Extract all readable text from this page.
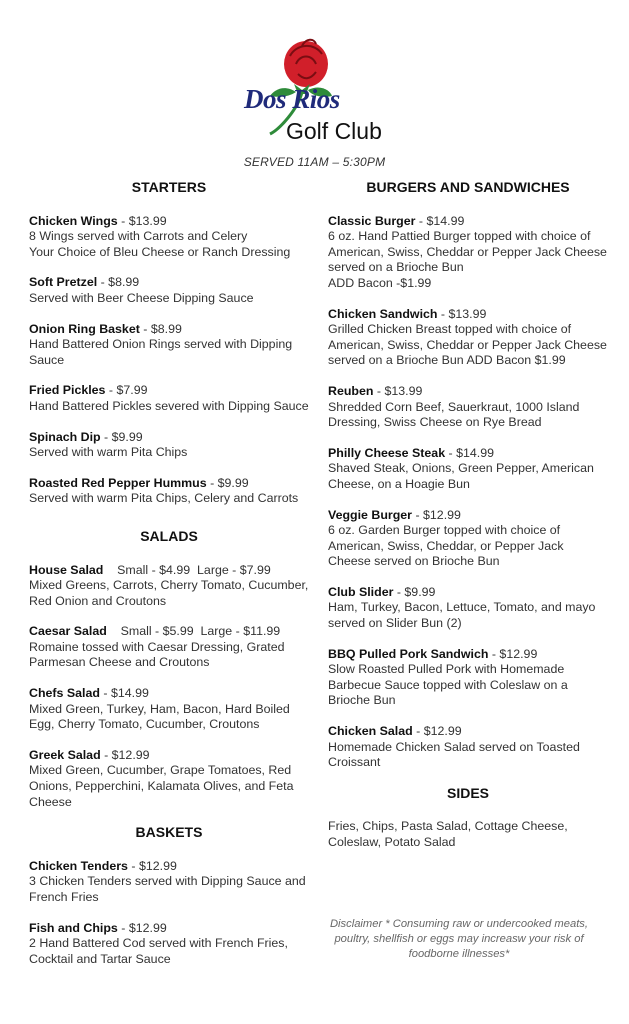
Dos Rios
Golf Club
SERVED 11AM – 5:30PM
STARTERS
Chicken Wings - $13.99
8 Wings served with Carrots and Celery
Your Choice of Bleu Cheese or Ranch Dressing
Soft Pretzel - $8.99
Served with Beer Cheese Dipping Sauce
Onion Ring Basket - $8.99
Hand Battered Onion Rings served with Dipping Sauce
Fried Pickles - $7.99
Hand Battered Pickles severed with Dipping Sauce
Spinach Dip - $9.99
Served with warm Pita Chips
Roasted Red Pepper Hummus - $9.99
Served with warm Pita Chips, Celery and Carrots
SALADS
House Salad    Small - $4.99  Large - $7.99
Mixed Greens, Carrots, Cherry Tomato, Cucumber, Red Onion and Croutons
Caesar Salad    Small - $5.99  Large - $11.99
Romaine tossed with Caesar Dressing, Grated Parmesan Cheese and Croutons
Chefs Salad - $14.99
Mixed Green, Turkey, Ham, Bacon, Hard Boiled Egg, Cherry Tomato, Cucumber, Croutons
Greek Salad - $12.99
Mixed Green, Cucumber, Grape Tomatoes, Red Onions, Pepperchini, Kalamata Olives, and Feta Cheese
BASKETS
Chicken Tenders - $12.99
3 Chicken Tenders served with Dipping Sauce and French Fries
Fish and Chips - $12.99
2 Hand Battered Cod served with French Fries, Cocktail and Tartar Sauce
BURGERS AND SANDWICHES
Classic Burger - $14.99
6 oz. Hand Pattied Burger topped with choice of American, Swiss, Cheddar or Pepper Jack Cheese served on a Brioche Bun
ADD Bacon -$1.99
Chicken Sandwich - $13.99
Grilled Chicken Breast topped with choice of American, Swiss, Cheddar or Pepper Jack Cheese served on a Brioche Bun ADD Bacon $1.99
Reuben - $13.99
Shredded Corn Beef, Sauerkraut, 1000 Island Dressing, Swiss Cheese on Rye Bread
Philly Cheese Steak - $14.99
Shaved Steak, Onions, Green Pepper, American Cheese, on a Hoagie Bun
Veggie Burger - $12.99
6 oz. Garden Burger topped with choice of American, Swiss, Cheddar, or Pepper Jack Cheese served on Brioche Bun
Club Slider - $9.99
Ham, Turkey, Bacon, Lettuce, Tomato, and mayo served on Slider Bun (2)
BBQ Pulled Pork Sandwich - $12.99
Slow Roasted Pulled Pork with Homemade Barbecue Sauce topped with Coleslaw on a Brioche Bun
Chicken Salad - $12.99
Homemade Chicken Salad served on Toasted Croissant
SIDES
Fries, Chips, Pasta Salad, Cottage Cheese, Coleslaw, Potato Salad
Disclaimer * Consuming raw or undercooked meats, poultry, shellfish or eggs may increasw your risk of foodborne illnesses*
